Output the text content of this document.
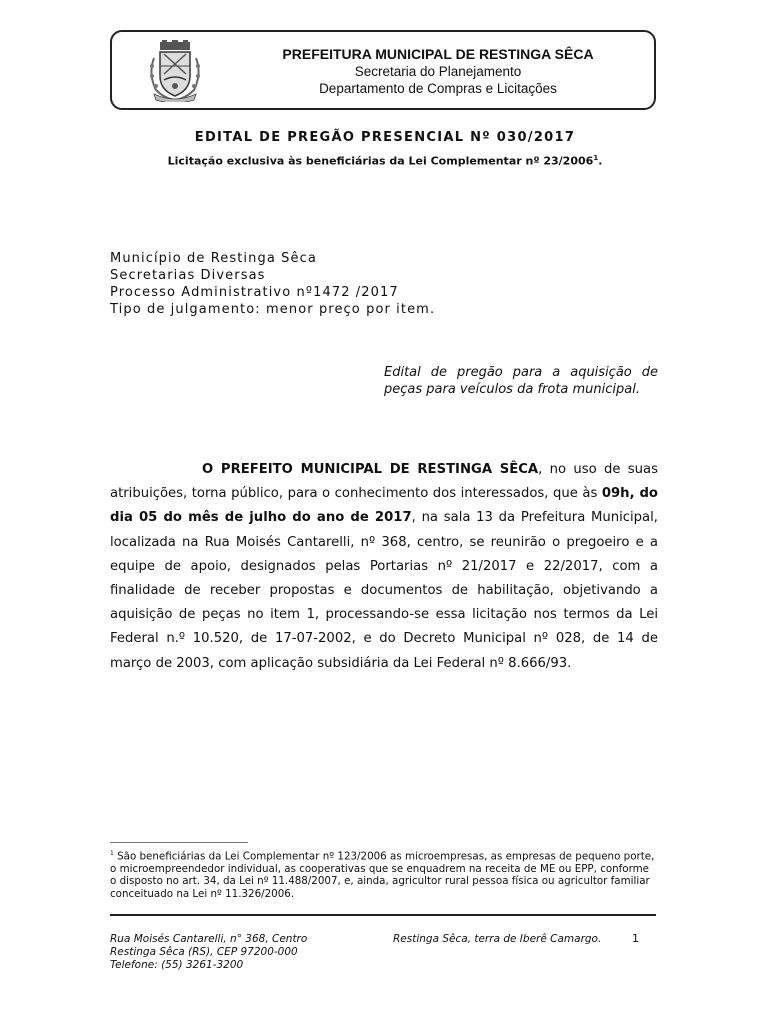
PREFEITURA MUNICIPAL DE RESTINGA SÊCA
Secretaria do Planejamento
Departamento de Compras e Licitações
EDITAL DE PREGÃO PRESENCIAL Nº 030/2017
Licitação exclusiva às beneficiárias da Lei Complementar nº 23/2006$^1$.
Município de Restinga Sêca
Secretarias Diversas
Processo Administrativo nº1472 /2017
Tipo de julgamento: menor preço por item.
Edital de pregão para a aquisição de peças para veículos da frota municipal.
O PREFEITO MUNICIPAL DE RESTINGA SÊCA, no uso de suas atribuições, torna público, para o conhecimento dos interessados, que às 09h, do dia 05 do mês de julho do ano de 2017, na sala 13 da Prefeitura Municipal, localizada na Rua Moisés Cantarelli, nº 368, centro, se reunirão o pregoeiro e a equipe de apoio, designados pelas Portarias nº 21/2017 e 22/2017, com a finalidade de receber propostas e documentos de habilitação, objetivando a aquisição de peças no item 1, processando-se essa licitação nos termos da Lei Federal n.º 10.520, de 17-07-2002, e do Decreto Municipal nº 028, de 14 de março de 2003, com aplicação subsidiária da Lei Federal nº 8.666/93.
$^1$ São beneficiárias da Lei Complementar nº 123/2006 as microempresas, as empresas de pequeno porte, o microempreendedor individual, as cooperativas que se enquadrem na receita de ME ou EPP, conforme o disposto no art. 34, da Lei nº 11.488/2007, e, ainda, agricultor rural pessoa física ou agricultor familiar conceituado na Lei nº 11.326/2006.
Rua Moisés Cantarelli, n° 368, Centro
Restinga Sêca (RS), CEP 97200-000
Telefone: (55) 3261-3200
Restinga Sêca, terra de Iberê Camargo.	1
